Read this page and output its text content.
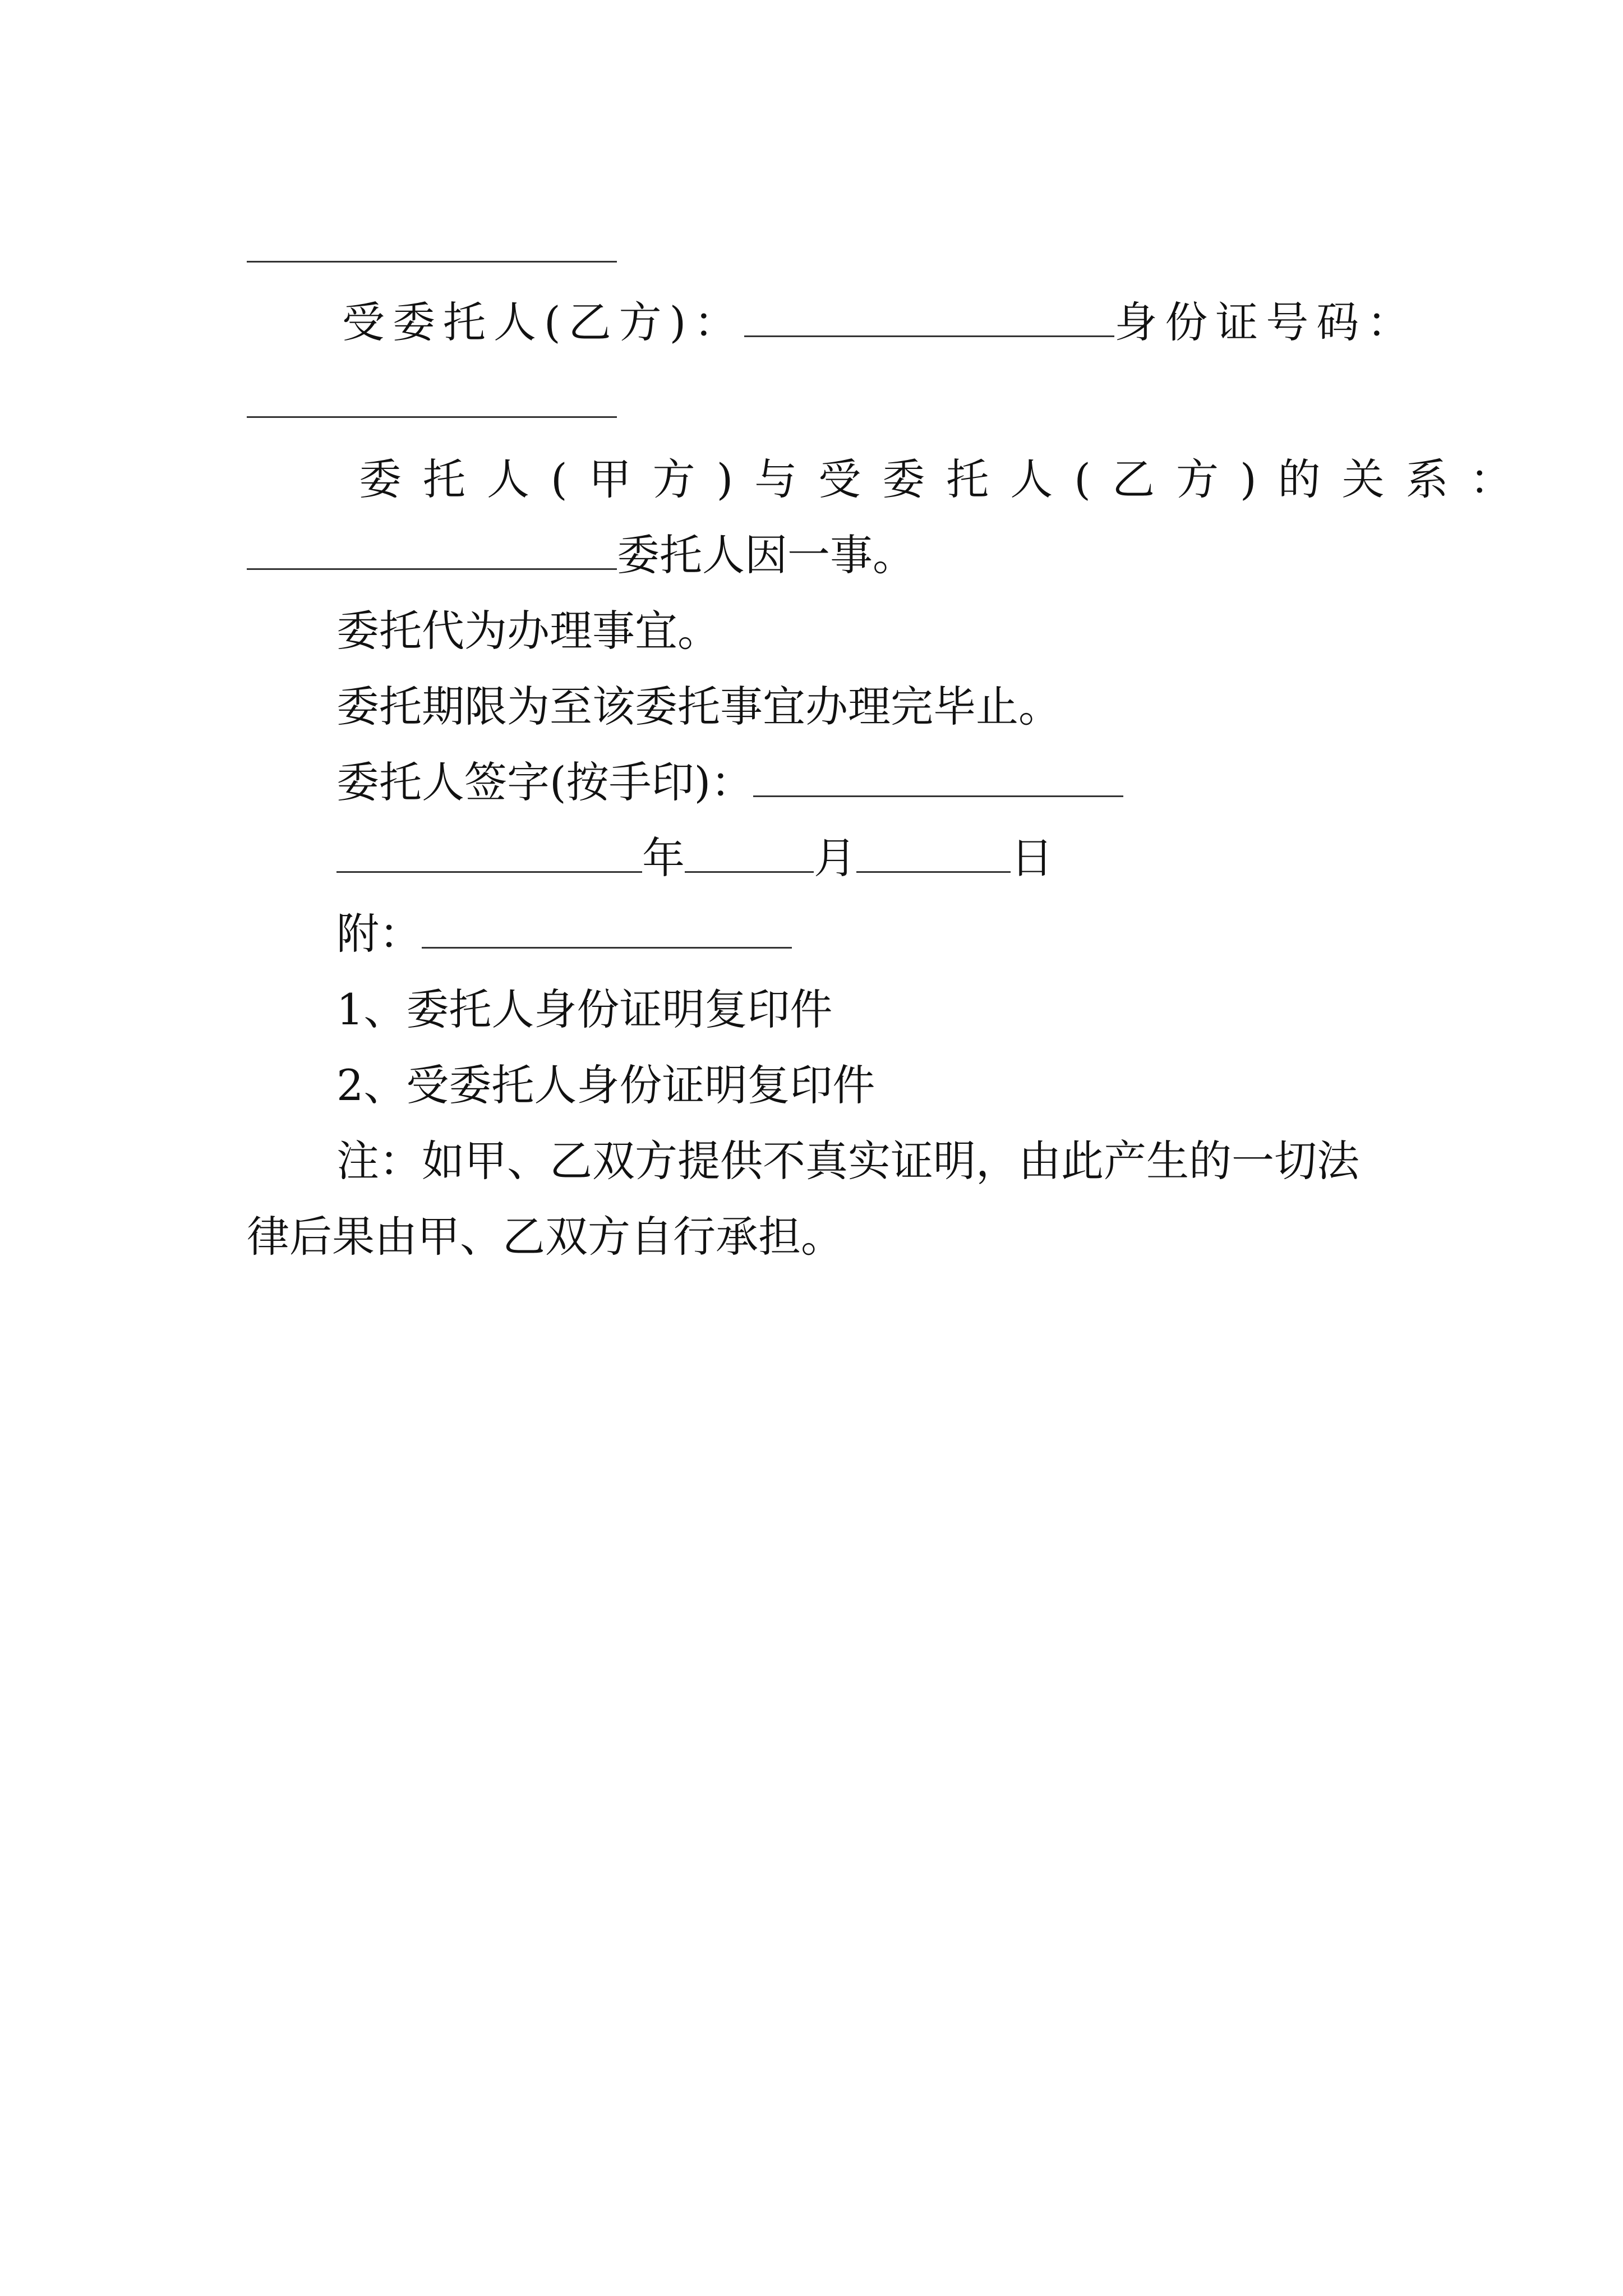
受委托人(乙方)：	身份证号码：
委托人(甲方)与受委托人(乙方)的关系：
委托人因一事。
委托代为办理事宜。
委托期限为至该委托事宜办理完毕止。
委托人签字(按手印)：
年	月	日
附：
1、委托人身份证明复印件
2、受委托人身份证明复印件
注：如甲、乙双方提供不真实证明，由此产生的一切法
律后果由甲、乙双方自行承担。
